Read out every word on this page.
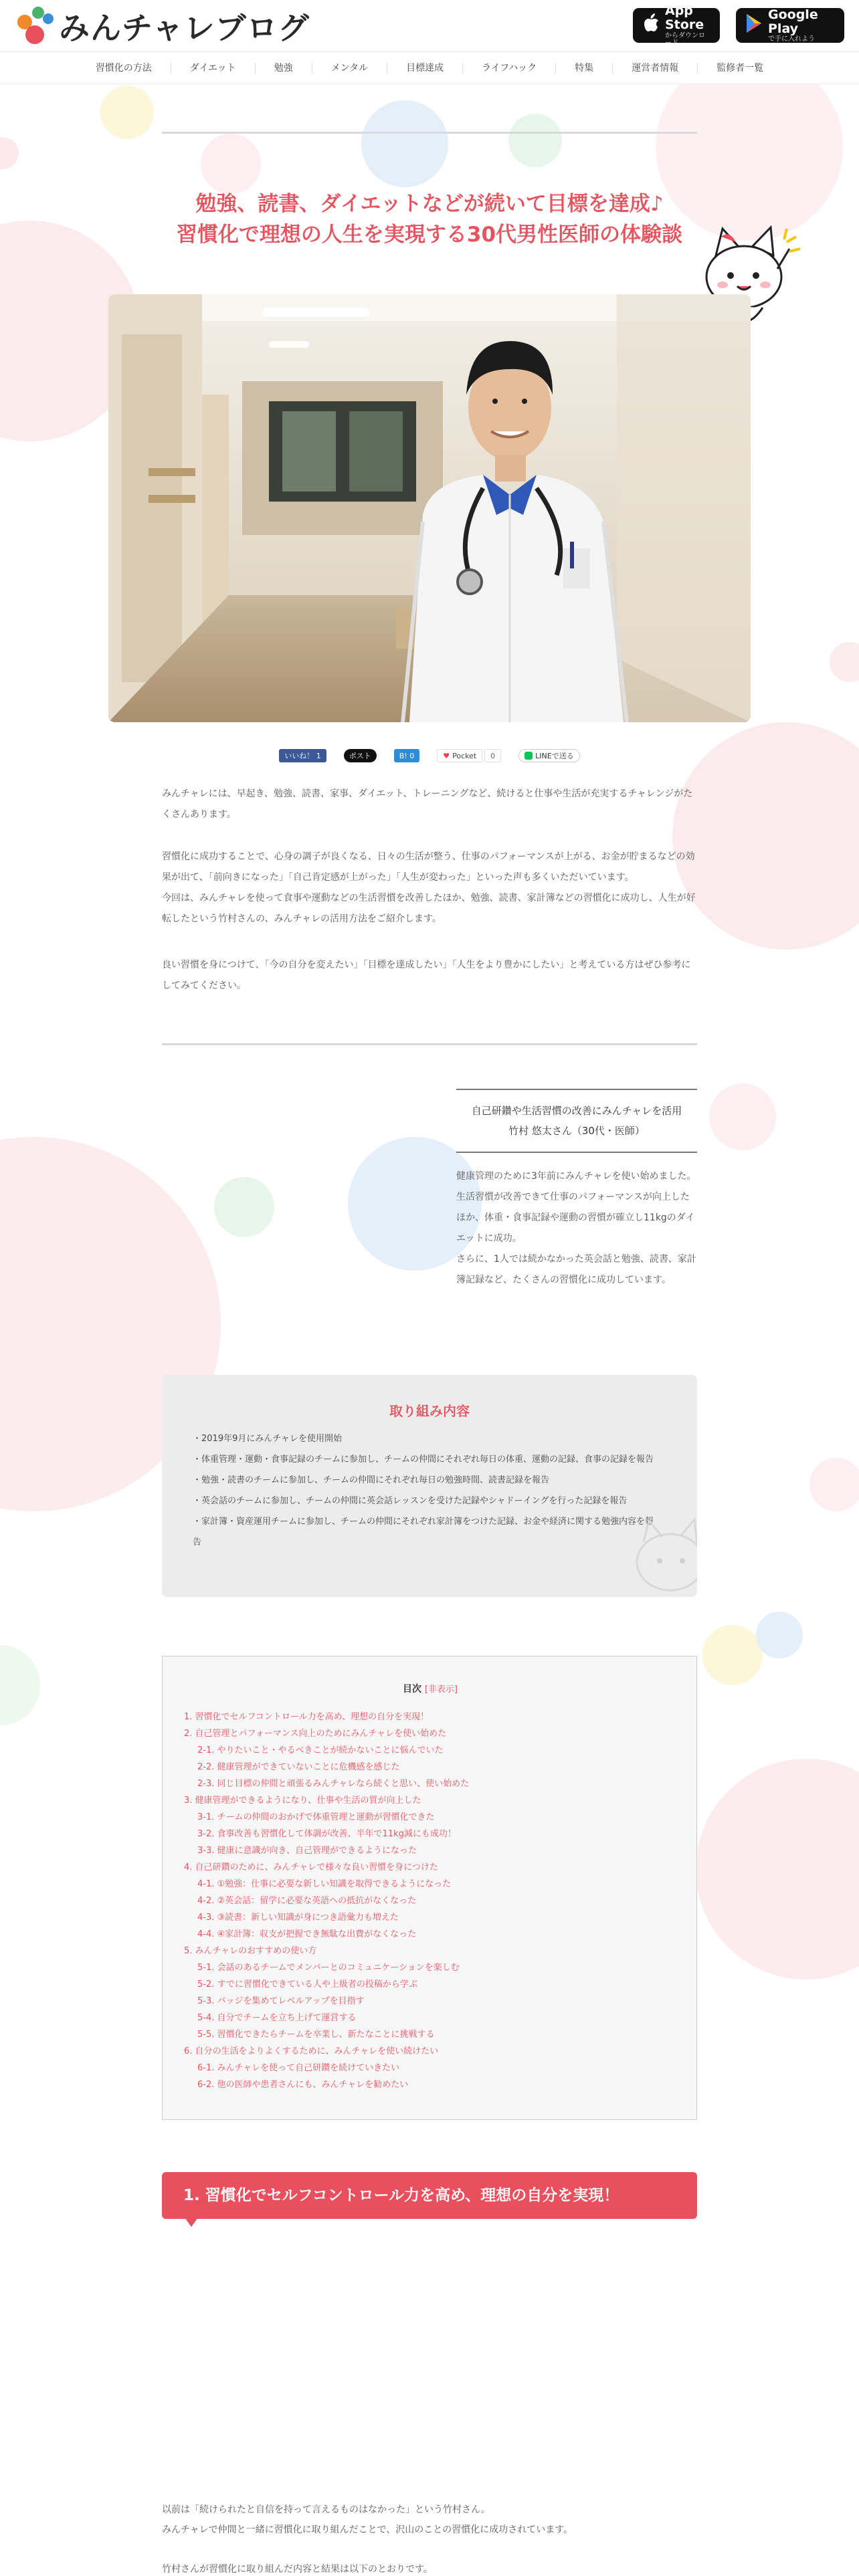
みんチャレブログ	App Store
からダウンロード
Google Play
で手に入れよう
習慣化の方法	ダイエット	勉強	メンタル	目標達成	ライフハック	特集	運営者情報	監修者一覧
勉強、読書、ダイエットなどが続いて目標を達成♪
習慣化で理想の人生を実現する30代男性医師の体験談
いいね！ 1	ポスト	B! 0	♥ Pocket	0	LINEで送る

みんチャレには、早起き、勉強、読書、家事、ダイエット、トレーニングなど、続けると仕事や生活が充実するチャレンジがたくさんあります。

習慣化に成功することで、心身の調子が良くなる、日々の生活が整う、仕事のパフォーマンスが上がる、お金が貯まるなどの効果が出て、「前向きになった」「自己肯定感が上がった」「人生が変わった」といった声も多くいただいています。

今回は、みんチャレを使って食事や運動などの生活習慣を改善したほか、勉強、読書、家計簿などの習慣化に成功し、人生が好転したという竹村さんの、みんチャレの活用方法をご紹介します。

良い習慣を身につけて、「今の自分を変えたい」「目標を達成したい」「人生をより豊かにしたい」と考えている方はぜひ参考にしてみてください。

自己研鑽や生活習慣の改善にみんチャレを活用
竹村 悠太さん（30代・医師）

健康管理のために3年前にみんチャレを使い始めました。生活習慣が改善できて仕事のパフォーマンスが向上したほか、体重・食事記録や運動の習慣が確立し11kgのダイエットに成功。

さらに、1人では続かなかった英会話と勉強、読書、家計簿記録など、たくさんの習慣化に成功しています。

取り組み内容
・2019年9月にみんチャレを使用開始
・体重管理・運動・食事記録のチームに参加し、チームの仲間にそれぞれ毎日の体重、運動の記録、食事の記録を報告
・勉強・読書のチームに参加し、チームの仲間にそれぞれ毎日の勉強時間、読書記録を報告
・英会話のチームに参加し、チームの仲間に英会話レッスンを受けた記録やシャドーイングを行った記録を報告
・家計簿・資産運用チームに参加し、チームの仲間にそれぞれ家計簿をつけた記録、お金や経済に関する勉強内容を報告
目次 [非表示]
1. 習慣化でセルフコントロール力を高め、理想の自分を実現！
2. 自己管理とパフォーマンス向上のためにみんチャレを使い始めた
2-1. やりたいこと・やるべきことが続かないことに悩んでいた
2-2. 健康管理ができていないことに危機感を感じた
2-3. 同じ目標の仲間と頑張るみんチャレなら続くと思い、使い始めた
3. 健康管理ができるようになり、仕事や生活の質が向上した
3-1. チームの仲間のおかげで体重管理と運動が習慣化できた
3-2. 食事改善も習慣化して体調が改善、半年で11kg減にも成功！
3-3. 健康に意識が向き、自己管理ができるようになった
4. 自己研鑽のために、みんチャレで様々な良い習慣を身につけた
4-1. ①勉強：仕事に必要な新しい知識を取得できるようになった
4-2. ②英会話：留学に必要な英語への抵抗がなくなった
4-3. ③読書：新しい知識が身につき語彙力も増えた
4-4. ④家計簿：収支が把握でき無駄な出費がなくなった
5. みんチャレのおすすめの使い方
5-1. 会話のあるチームでメンバーとのコミュニケーションを楽しむ
5-2. すでに習慣化できている人や上級者の投稿から学ぶ
5-3. バッジを集めてレベルアップを目指す
5-4. 自分でチームを立ち上げて運営する
5-5. 習慣化できたらチームを卒業し、新たなことに挑戦する
6. 自分の生活をよりよくするために、みんチャレを使い続けたい
6-1. みんチャレを使って自己研鑽を続けていきたい
6-2. 他の医師や患者さんにも、みんチャレを勧めたい
1. 習慣化でセルフコントロール力を高め、理想の自分を実現！

以前は「続けられたと自信を持って言えるものはなかった」という竹村さん。

みんチャレで仲間と一緒に習慣化に取り組んだことで、沢山のことの習慣化に成功されています。

竹村さんが習慣化に取り組んだ内容と結果は以下のとおりです。
